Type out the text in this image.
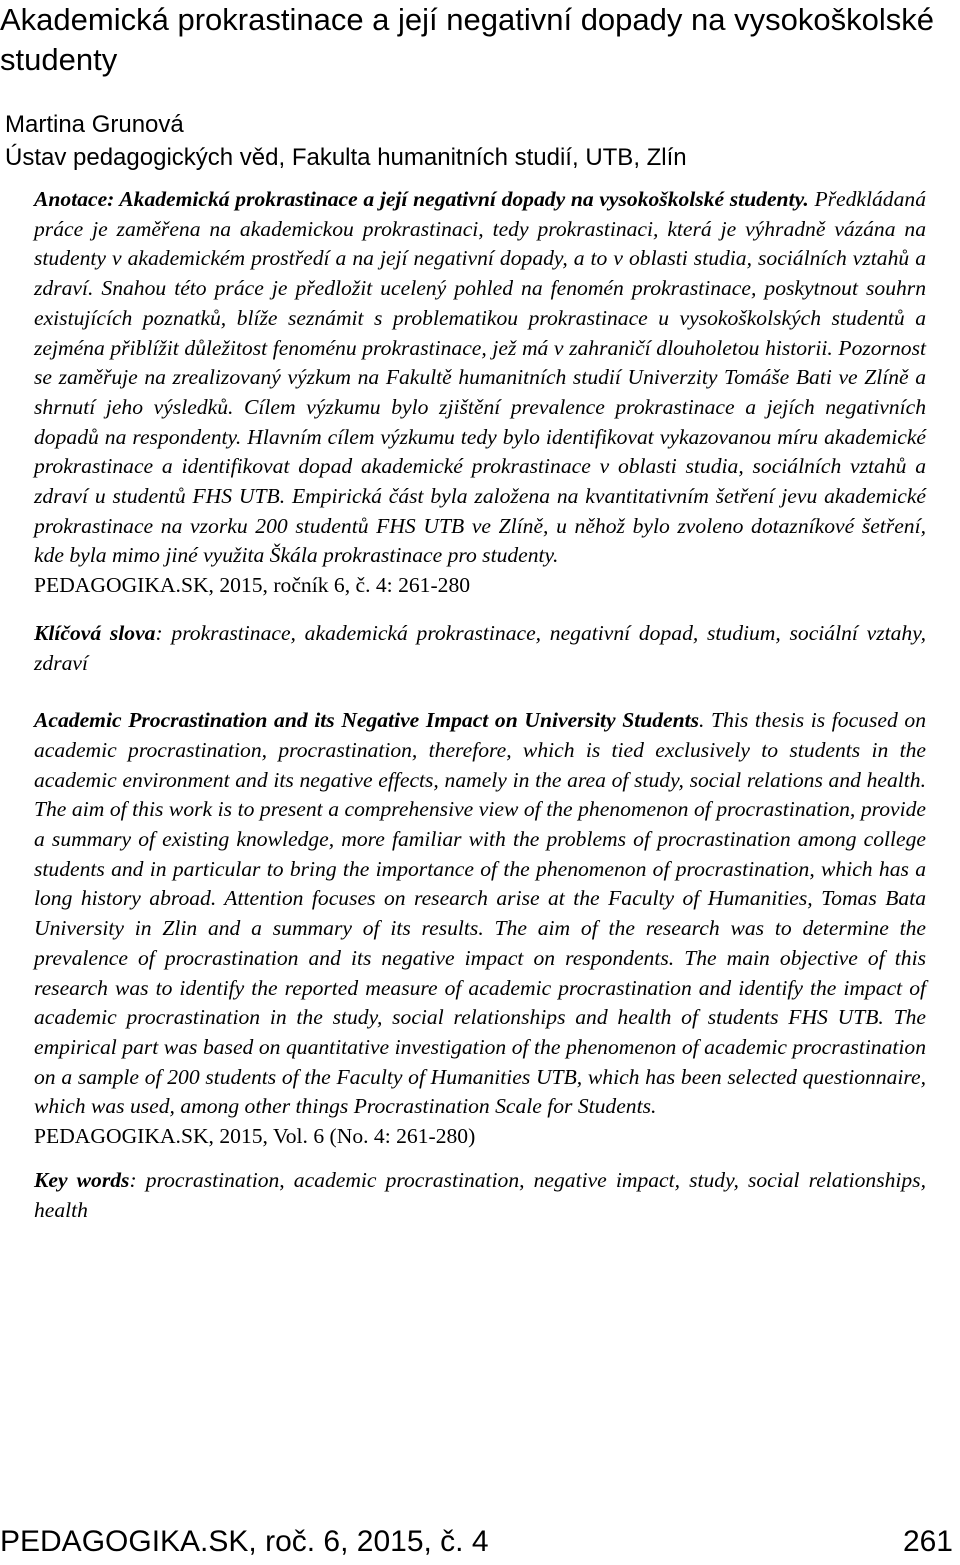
Akademická prokrastinace a její negativní dopady na vysokoškolské studenty
Martina Grunová
Ústav pedagogických věd, Fakulta humanitních studií, UTB, Zlín

Anotace: Akademická prokrastinace a její negativní dopady na vysokoškolské studenty. Předkládaná práce je zaměřena na akademickou prokrastinaci, tedy prokrastinaci, která je výhradně vázána na studenty v akademickém prostředí a na její negativní dopady, a to v oblasti studia, sociálních vztahů a zdraví. Snahou této práce je předložit ucelený pohled na fenomén prokrastinace, poskytnout souhrn existujících poznatků, blíže seznámit s problematikou prokrastinace u vysokoškolských studentů a zejména přiblížit důležitost fenoménu prokrastinace, jež má v zahraničí dlouholetou historii. Pozornost se zaměřuje na zrealizovaný výzkum na Fakultě humanitních studií Univerzity Tomáše Bati ve Zlíně a shrnutí jeho výsledků. Cílem výzkumu bylo zjištění prevalence prokrastinace a jejích negativních dopadů na respondenty. Hlavním cílem výzkumu tedy bylo identifikovat vykazovanou míru akademické prokrastinace a identifikovat dopad akademické prokrastinace v oblasti studia, sociálních vztahů a zdraví u studentů FHS UTB. Empirická část byla založena na kvantitativním šetření jevu akademické prokrastinace na vzorku 200 studentů FHS UTB ve Zlíně, u něhož bylo zvoleno dotazníkové šetření, kde byla mimo jiné využita Škála prokrastinace pro studenty.

PEDAGOGIKA.SK, 2015, ročník 6, č. 4: 261-280

Klíčová slova: prokrastinace, akademická prokrastinace, negativní dopad, studium, sociální vztahy, zdraví

Academic Procrastination and its Negative Impact on University Students. This thesis is focused on academic procrastination, procrastination, therefore, which is tied exclusively to students in the academic environment and its negative effects, namely in the area of study, social relations and health. The aim of this work is to present a comprehensive view of the phenomenon of procrastination, provide a summary of existing knowledge, more familiar with the problems of procrastination among college students and in particular to bring the importance of the phenomenon of procrastination, which has a long history abroad. Attention focuses on research arise at the Faculty of Humanities, Tomas Bata University in Zlin and a summary of its results. The aim of the research was to determine the prevalence of procrastination and its negative impact on respondents. The main objective of this research was to identify the reported measure of academic procrastination and identify the impact of academic procrastination in the study, social relationships and health of students FHS UTB. The empirical part was based on quantitative investigation of the phenomenon of academic procrastination on a sample of 200 students of the Faculty of Humanities UTB, which has been selected questionnaire, which was used, among other things Procrastination Scale for Students.

PEDAGOGIKA.SK, 2015, Vol. 6 (No. 4: 261-280)

Key words: procrastination, academic procrastination, negative impact, study, social relationships, health

PEDAGOGIKA.SK, roč. 6, 2015, č. 4	261
